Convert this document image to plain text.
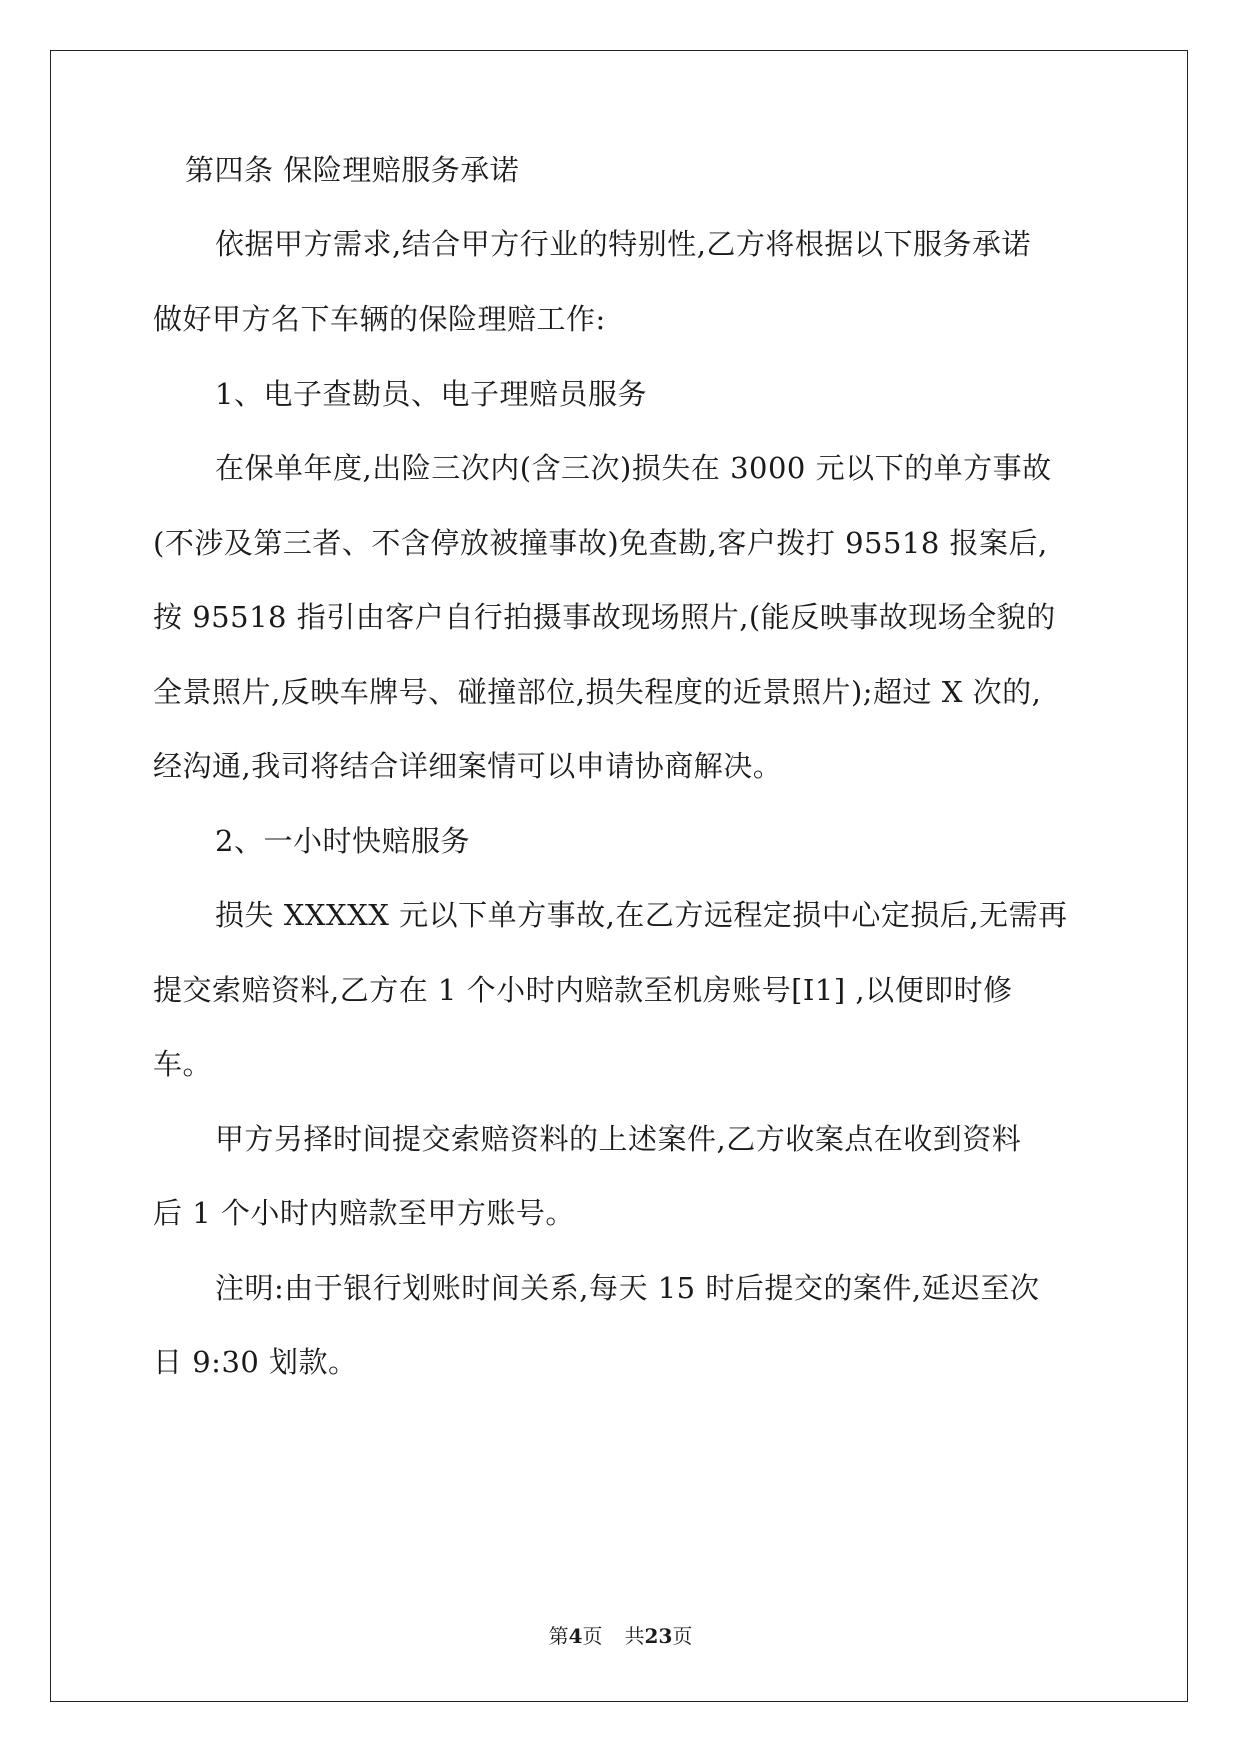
第四条 保险理赔服务承诺
依据甲方需求,结合甲方行业的特别性,乙方将根据以下服务承诺
做好甲方名下车辆的保险理赔工作:
1、电子查勘员、电子理赔员服务
在保单年度,出险三次内(含三次)损失在 3000 元以下的单方事故
(不涉及第三者、不含停放被撞事故)免查勘,客户拨打 95518 报案后,
按 95518 指引由客户自行拍摄事故现场照片,(能反映事故现场全貌的
全景照片,反映车牌号、碰撞部位,损失程度的近景照片);超过 X 次的,
经沟通,我司将结合详细案情可以申请协商解决。
2、一小时快赔服务
损失 XXXXX 元以下单方事故,在乙方远程定损中心定损后,无需再
提交索赔资料,乙方在 1 个小时内赔款至机房账号[I1] ,以便即时修
车。
甲方另择时间提交索赔资料的上述案件,乙方收案点在收到资料
后 1 个小时内赔款至甲方账号。
注明:由于银行划账时间关系,每天 15 时后提交的案件,延迟至次
日 9:30 划款。
第4页 共23页
